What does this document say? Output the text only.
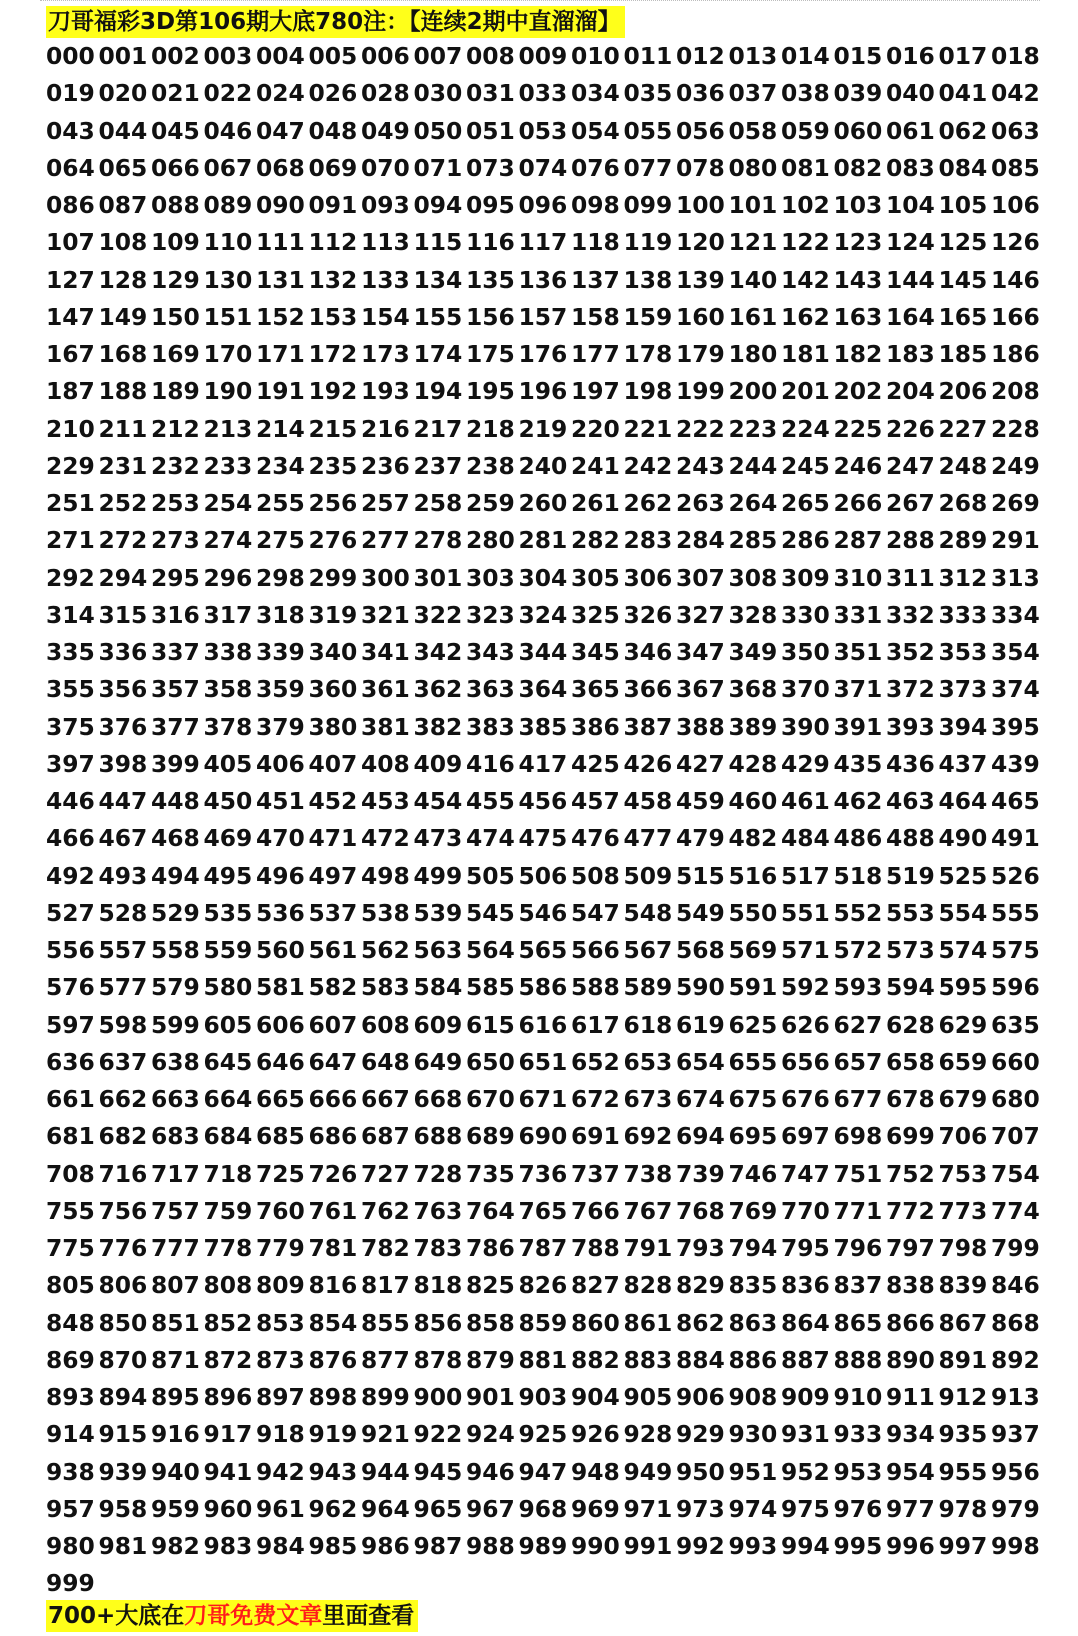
刀哥福彩3D第106期大底780注：【连续2期中直溜溜】
000 001 002 003 004 005 006 007 008 009 010 011 012 013 014 015 016 017 018
019 020 021 022 024 026 028 030 031 033 034 035 036 037 038 039 040 041 042
043 044 045 046 047 048 049 050 051 053 054 055 056 058 059 060 061 062 063
064 065 066 067 068 069 070 071 073 074 076 077 078 080 081 082 083 084 085
086 087 088 089 090 091 093 094 095 096 098 099 100 101 102 103 104 105 106
107 108 109 110 111 112 113 115 116 117 118 119 120 121 122 123 124 125 126
127 128 129 130 131 132 133 134 135 136 137 138 139 140 142 143 144 145 146
147 149 150 151 152 153 154 155 156 157 158 159 160 161 162 163 164 165 166
167 168 169 170 171 172 173 174 175 176 177 178 179 180 181 182 183 185 186
187 188 189 190 191 192 193 194 195 196 197 198 199 200 201 202 204 206 208
210 211 212 213 214 215 216 217 218 219 220 221 222 223 224 225 226 227 228
229 231 232 233 234 235 236 237 238 240 241 242 243 244 245 246 247 248 249
251 252 253 254 255 256 257 258 259 260 261 262 263 264 265 266 267 268 269
271 272 273 274 275 276 277 278 280 281 282 283 284 285 286 287 288 289 291
292 294 295 296 298 299 300 301 303 304 305 306 307 308 309 310 311 312 313
314 315 316 317 318 319 321 322 323 324 325 326 327 328 330 331 332 333 334
335 336 337 338 339 340 341 342 343 344 345 346 347 349 350 351 352 353 354
355 356 357 358 359 360 361 362 363 364 365 366 367 368 370 371 372 373 374
375 376 377 378 379 380 381 382 383 385 386 387 388 389 390 391 393 394 395
397 398 399 405 406 407 408 409 416 417 425 426 427 428 429 435 436 437 439
446 447 448 450 451 452 453 454 455 456 457 458 459 460 461 462 463 464 465
466 467 468 469 470 471 472 473 474 475 476 477 479 482 484 486 488 490 491
492 493 494 495 496 497 498 499 505 506 508 509 515 516 517 518 519 525 526
527 528 529 535 536 537 538 539 545 546 547 548 549 550 551 552 553 554 555
556 557 558 559 560 561 562 563 564 565 566 567 568 569 571 572 573 574 575
576 577 579 580 581 582 583 584 585 586 588 589 590 591 592 593 594 595 596
597 598 599 605 606 607 608 609 615 616 617 618 619 625 626 627 628 629 635
636 637 638 645 646 647 648 649 650 651 652 653 654 655 656 657 658 659 660
661 662 663 664 665 666 667 668 670 671 672 673 674 675 676 677 678 679 680
681 682 683 684 685 686 687 688 689 690 691 692 694 695 697 698 699 706 707
708 716 717 718 725 726 727 728 735 736 737 738 739 746 747 751 752 753 754
755 756 757 759 760 761 762 763 764 765 766 767 768 769 770 771 772 773 774
775 776 777 778 779 781 782 783 786 787 788 791 793 794 795 796 797 798 799
805 806 807 808 809 816 817 818 825 826 827 828 829 835 836 837 838 839 846
848 850 851 852 853 854 855 856 858 859 860 861 862 863 864 865 866 867 868
869 870 871 872 873 876 877 878 879 881 882 883 884 886 887 888 890 891 892
893 894 895 896 897 898 899 900 901 903 904 905 906 908 909 910 911 912 913
914 915 916 917 918 919 921 922 924 925 926 928 929 930 931 933 934 935 937
938 939 940 941 942 943 944 945 946 947 948 949 950 951 952 953 954 955 956
957 958 959 960 961 962 964 965 967 968 969 971 973 974 975 976 977 978 979
980 981 982 983 984 985 986 987 988 989 990 991 992 993 994 995 996 997 998
999
700+大底在刀哥免费文章里面查看
